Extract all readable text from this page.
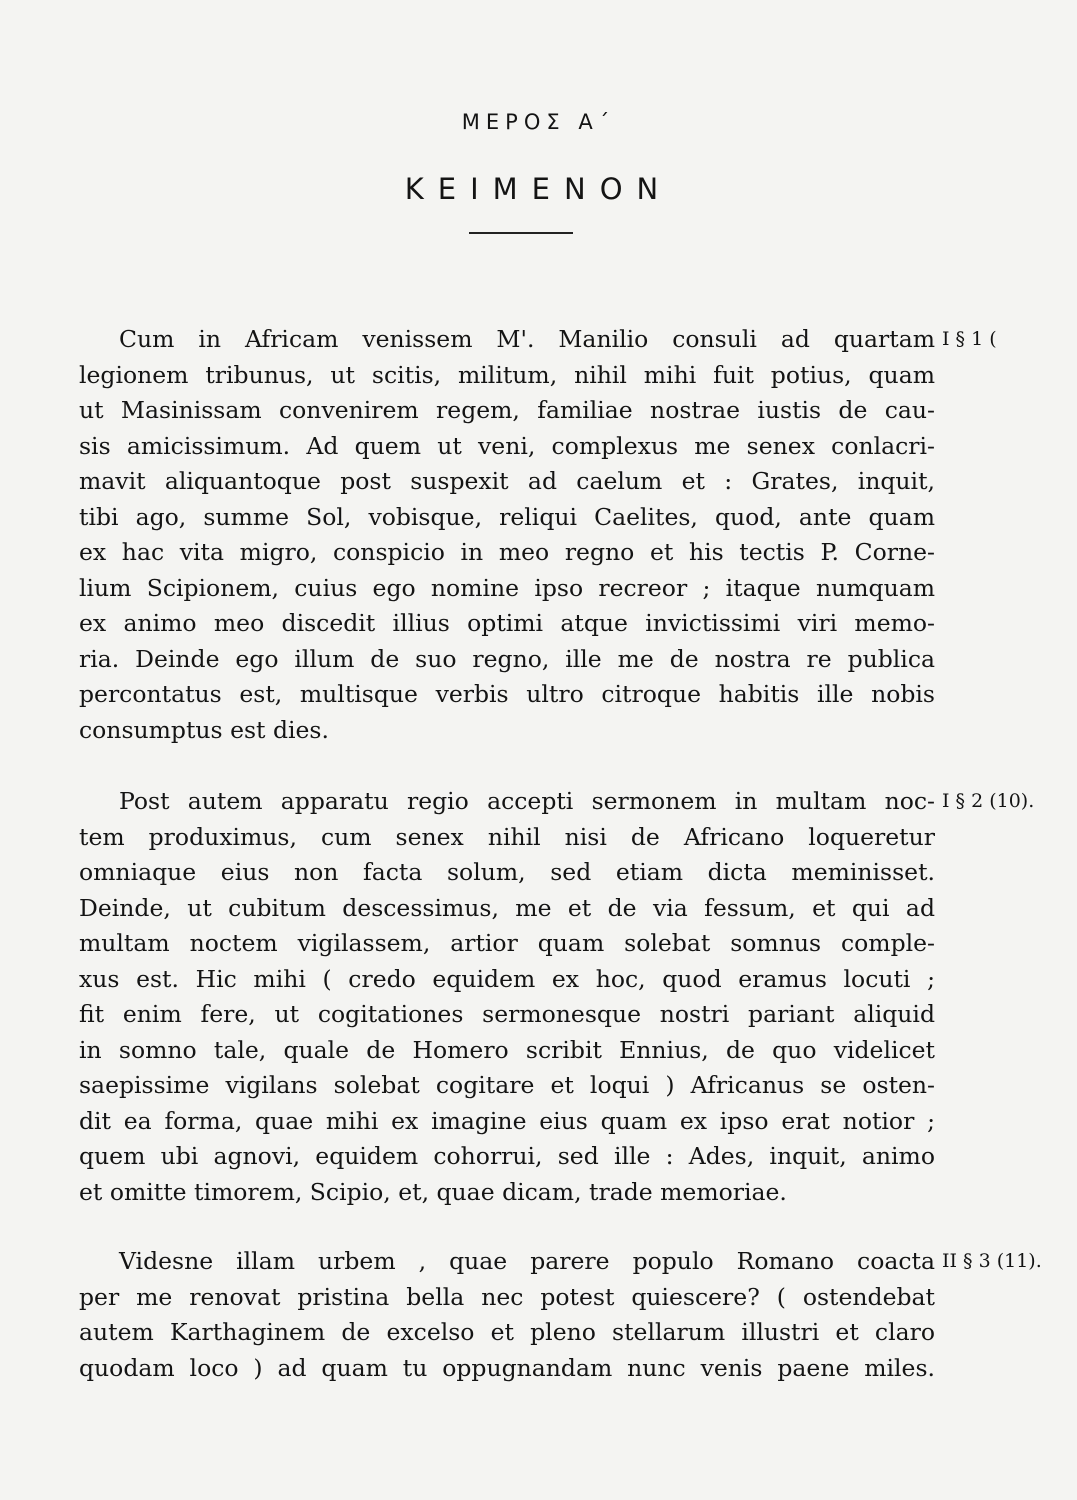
ΜΕΡΟΣ Α΄
ΚΕΙΜΕΝΟΝ
Cum in Africam venissem M'. Manilio consuli ad quartam
legionem tribunus, ut scitis, militum, nihil mihi fuit potius, quam
ut Masinissam convenirem regem, familiae nostrae iustis de cau-
sis amicissimum. Ad quem ut veni, complexus me senex conlacri-
mavit aliquantoque post suspexit ad caelum et : Grates, inquit,
tibi ago, summe Sol, vobisque, reliqui Caelites, quod, ante quam
ex hac vita migro, conspicio in meo regno et his tectis P. Corne-
lium Scipionem, cuius ego nomine ipso recreor ; itaque numquam
ex animo meo discedit illius optimi atque invictissimi viri memo-
ria. Deinde ego illum de suo regno, ille me de nostra re publica
percontatus est, multisque verbis ultro citroque habitis ille nobis
consumptus est dies.
I § 1 (
Post autem apparatu regio accepti sermonem in multam noc-
tem produximus, cum senex nihil nisi de Africano loqueretur
omniaque eius non facta solum, sed etiam dicta meminisset.
Deinde, ut cubitum descessimus, me et de via fessum, et qui ad
multam noctem vigilassem, artior quam solebat somnus comple-
xus est. Hic mihi ( credo equidem ex hoc, quod eramus locuti ;
fit enim fere, ut cogitationes sermonesque nostri pariant aliquid
in somno tale, quale de Homero scribit Ennius, de quo videlicet
saepissime vigilans solebat cogitare et loqui ) Africanus se osten-
dit ea forma, quae mihi ex imagine eius quam ex ipso erat notior ;
quem ubi agnovi, equidem cohorrui, sed ille : Ades, inquit, animo
et omitte timorem, Scipio, et, quae dicam, trade memoriae.
I § 2 (10).
Videsne illam urbem , quae parere populo Romano coacta
per me renovat pristina bella nec potest quiescere? ( ostendebat
autem Karthaginem de excelso et pleno stellarum illustri et claro
quodam loco ) ad quam tu oppugnandam nunc venis paene miles.
II § 3 (11).
